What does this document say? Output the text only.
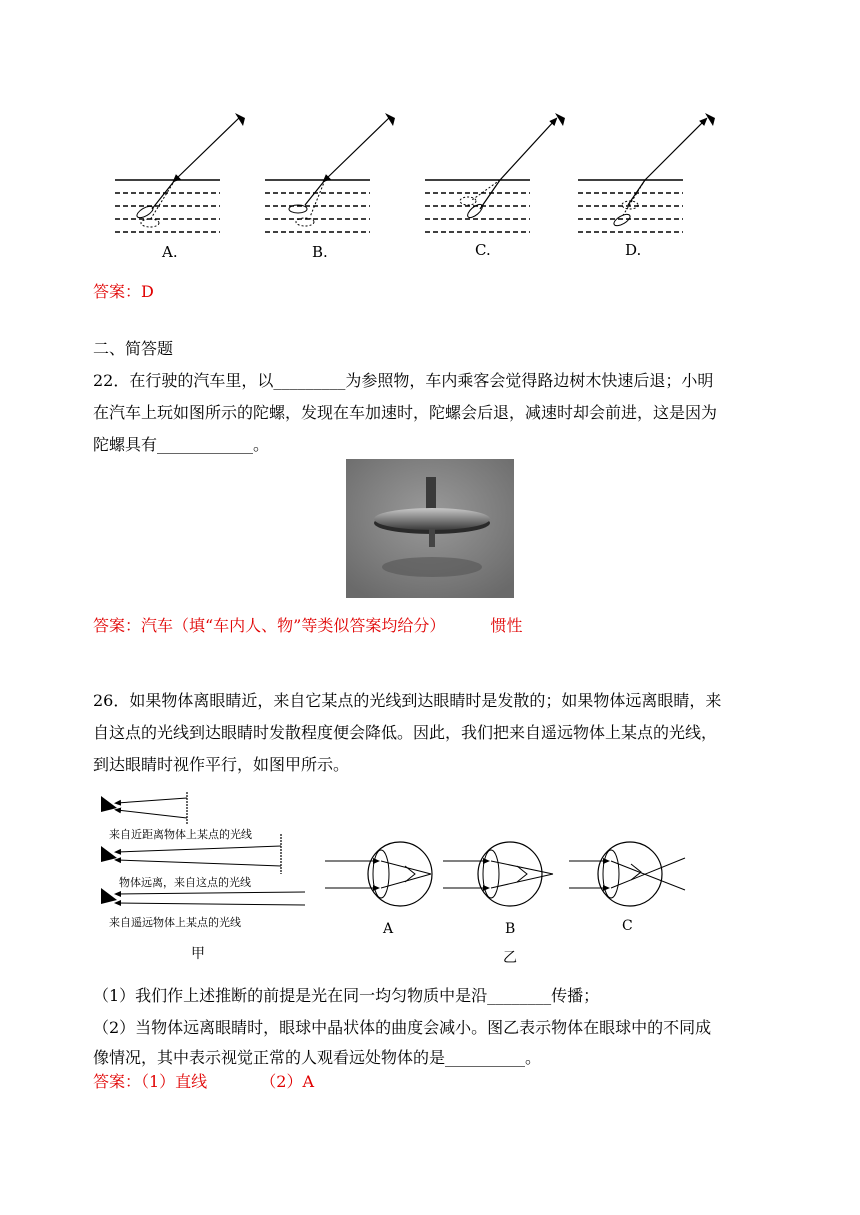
A.	B.	C.	D.
答案：D
二、简答题
22．在行驶的汽车里，以_________为参照物，车内乘客会觉得路边树木快速后退；小明
在汽车上玩如图所示的陀螺，发现在车加速时，陀螺会后退，减速时却会前进，这是因为
陀螺具有____________。
答案：汽车（填“车内人、物”等类似答案均给分）	惯性
26．如果物体离眼睛近，来自它某点的光线到达眼睛时是发散的；如果物体远离眼睛，来
自这点的光线到达眼睛时发散程度便会降低。因此，我们把来自遥远物体上某点的光线，
到达眼睛时视作平行，如图甲所示。
来自近距离物体上某点的光线
物体远离，来自这点的光线
来自遥远物体上某点的光线
甲
A	B	C
乙
（1）我们作上述推断的前提是光在同一均匀物质中是沿________传播；
（2）当物体远离眼睛时，眼球中晶状体的曲度会减小。图乙表示物体在眼球中的不同成
像情况，其中表示视觉正常的人观看远处物体的是__________。
答案：（1）直线	（2）A
